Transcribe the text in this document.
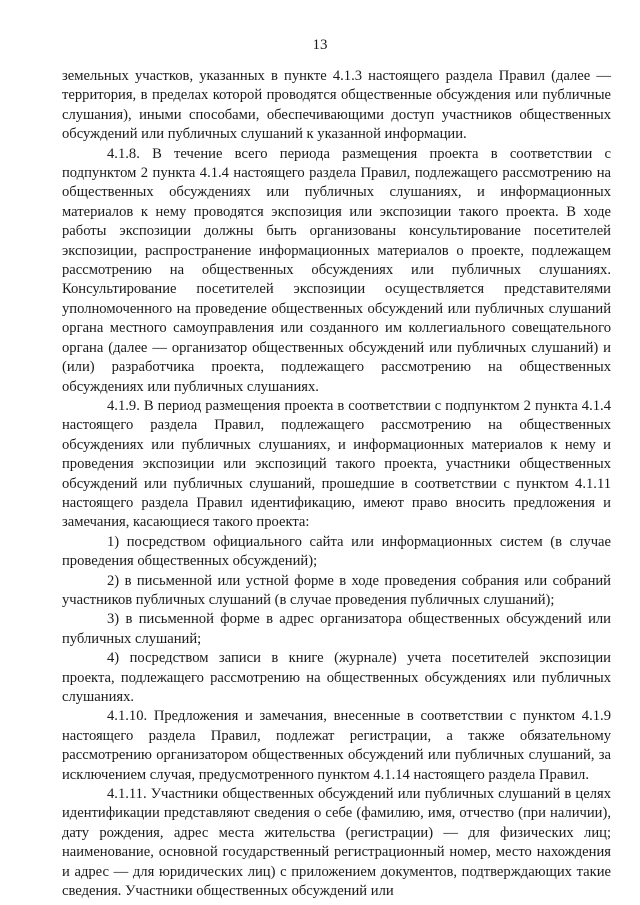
13

земельных участков, указанных в пункте 4.1.3 настоящего раздела Правил (далее — территория, в пределах которой проводятся общественные обсуждения или публичные слушания), иными способами, обеспечивающими доступ участников общественных обсуждений или публичных слушаний к указанной информации.

4.1.8. В течение всего периода размещения проекта в соответствии с подпунктом 2 пункта 4.1.4 настоящего раздела Правил, подлежащего рассмотрению на общественных обсуждениях или публичных слушаниях, и информационных материалов к нему проводятся экспозиция или экспозиции такого проекта. В ходе работы экспозиции должны быть организованы консультирование посетителей экспозиции, распространение информационных материалов о проекте, подлежащем рассмотрению на общественных обсуждениях или публичных слушаниях. Консультирование посетителей экспозиции осуществляется представителями уполномоченного на проведение общественных обсуждений или публичных слушаний органа местного самоуправления или созданного им коллегиального совещательного органа (далее — организатор общественных обсуждений или публичных слушаний) и (или) разработчика проекта, подлежащего рассмотрению на общественных обсуждениях или публичных слушаниях.

4.1.9. В период размещения проекта в соответствии с подпунктом 2 пункта 4.1.4 настоящего раздела Правил, подлежащего рассмотрению на общественных обсуждениях или публичных слушаниях, и информационных материалов к нему и проведения экспозиции или экспозиций такого проекта, участники общественных обсуждений или публичных слушаний, прошедшие в соответствии с пунктом 4.1.11 настоящего раздела Правил идентификацию, имеют право вносить предложения и замечания, касающиеся такого проекта:

1) посредством официального сайта или информационных систем (в случае проведения общественных обсуждений);

2) в письменной или устной форме в ходе проведения собрания или собраний участников публичных слушаний (в случае проведения публичных слушаний);

3) в письменной форме в адрес организатора общественных обсуждений или публичных слушаний;

4) посредством записи в книге (журнале) учета посетителей экспозиции проекта, подлежащего рассмотрению на общественных обсуждениях или публичных слушаниях.

4.1.10. Предложения и замечания, внесенные в соответствии с пунктом 4.1.9 настоящего раздела Правил, подлежат регистрации, а также обязательному рассмотрению организатором общественных обсуждений или публичных слушаний, за исключением случая, предусмотренного пунктом 4.1.14 настоящего раздела Правил.

4.1.11. Участники общественных обсуждений или публичных слушаний в целях идентификации представляют сведения о себе (фамилию, имя, отчество (при наличии), дату рождения, адрес места жительства (регистрации) — для физических лиц; наименование, основной государственный регистрационный номер, место нахождения и адрес — для юридических лиц) с приложением документов, подтверждающих такие сведения. Участники общественных обсуждений или
